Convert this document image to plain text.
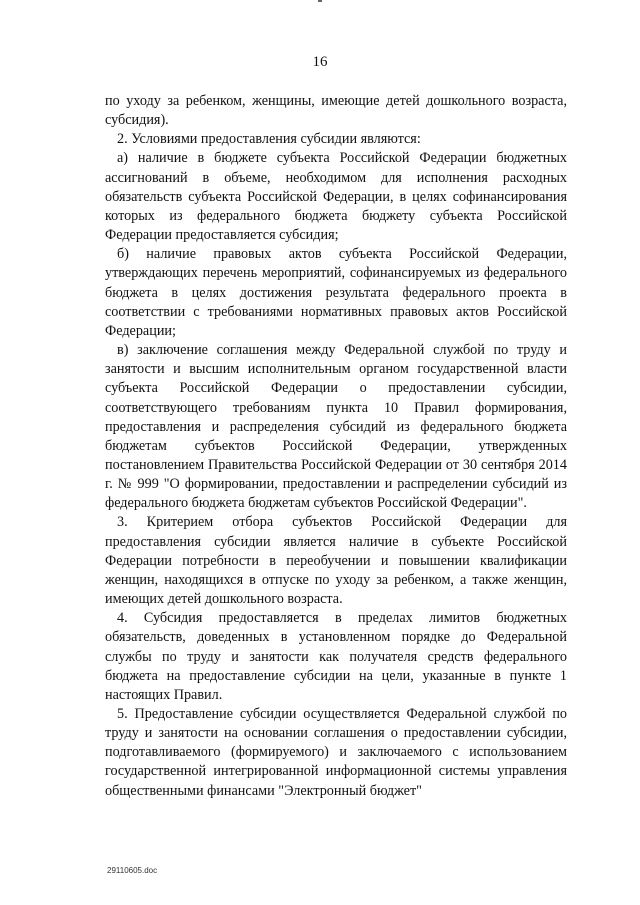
16

по уходу за ребенком, женщины, имеющие детей дошкольного возраста, субсидия).

2. Условиями предоставления субсидии являются:

а) наличие в бюджете субъекта Российской Федерации бюджетных ассигнований в объеме, необходимом для исполнения расходных обязательств субъекта Российской Федерации, в целях софинансирования которых из федерального бюджета бюджету субъекта Российской Федерации предоставляется субсидия;

б) наличие правовых актов субъекта Российской Федерации, утверждающих перечень мероприятий, софинансируемых из федерального бюджета в целях достижения результата федерального проекта в соответствии с требованиями нормативных правовых актов Российской Федерации;

в) заключение соглашения между Федеральной службой по труду и занятости и высшим исполнительным органом государственной власти субъекта Российской Федерации о предоставлении субсидии, соответствующего требованиям пункта 10 Правил формирования, предоставления и распределения субсидий из федерального бюджета бюджетам субъектов Российской Федерации, утвержденных постановлением Правительства Российской Федерации от 30 сентября 2014 г. № 999 "О формировании, предоставлении и распределении субсидий из федерального бюджета бюджетам субъектов Российской Федерации".

3. Критерием отбора субъектов Российской Федерации для предоставления субсидии является наличие в субъекте Российской Федерации потребности в переобучении и повышении квалификации женщин, находящихся в отпуске по уходу за ребенком, а также женщин, имеющих детей дошкольного возраста.

4. Субсидия предоставляется в пределах лимитов бюджетных обязательств, доведенных в установленном порядке до Федеральной службы по труду и занятости как получателя средств федерального бюджета на предоставление субсидии на цели, указанные в пункте 1 настоящих Правил.

5. Предоставление субсидии осуществляется Федеральной службой по труду и занятости на основании соглашения о предоставлении субсидии, подготавливаемого (формируемого) и заключаемого с использованием государственной интегрированной информационной системы управления общественными финансами "Электронный бюджет"

29110605.doc
